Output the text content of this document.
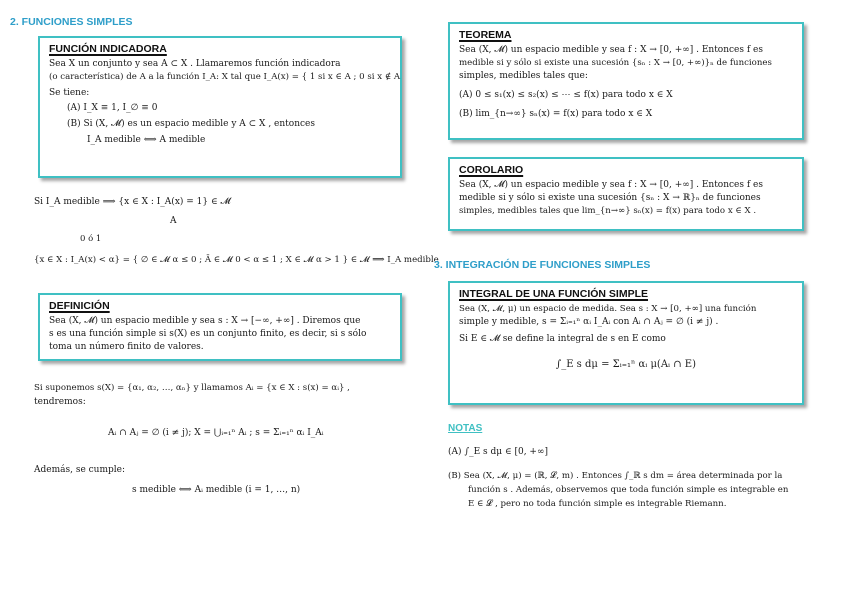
2. FUNCIONES SIMPLES
FUNCIÓN INDICADORA
Sea X un conjunto y sea A ⊂ X . Llamaremos función indicadora
(o característica) de A a la función I_A: X tal que I_A(x) = { 1 si x ∈ A ; 0 si x ∉ A
Se tiene:
(A) I_X ≡ 1, I_∅ ≡ 0
(B) Si (X, 𝓜) es un espacio medible y A ⊂ X , entonces
I_A medible ⟺ A medible
Si I_A medible ⟹ {x ∈ X : I_A(x) = 1} ∈ 𝓜
A
0 ó 1
{x ∈ X : I_A(x) < α} = { ∅ ∈ 𝓜 α ≤ 0 ; Ā ∈ 𝓜 0 < α ≤ 1 ; X ∈ 𝓜 α > 1 } ∈ 𝓜 ⟹ I_A medible
DEFINICIÓN
Sea (X, 𝓜) un espacio medible y sea s : X → [−∞, +∞] . Diremos que
s es una función simple si s(X) es un conjunto finito, es decir, si s sólo
toma un número finito de valores.
Si suponemos s(X) = {α₁, α₂, …, αₙ} y llamamos Aᵢ = {x ∈ X : s(x) = αᵢ} ,
tendremos:
Aᵢ ∩ Aⱼ = ∅ (i ≠ j); X = ⋃ᵢ₌₁ⁿ Aᵢ ; s = Σᵢ₌₁ⁿ αᵢ I_Aᵢ
Además, se cumple:
s medible ⟺ Aᵢ medible (i = 1, …, n)
TEOREMA
Sea (X, 𝓜) un espacio medible y sea f : X → [0, +∞] . Entonces f es
medible si y sólo si existe una sucesión {sₙ : X → [0, +∞)}ₙ de funciones
simples, medibles tales que:
(A) 0 ≤ s₁(x) ≤ s₂(x) ≤ ⋯ ≤ f(x) para todo x ∈ X
(B) lim_{n→∞} sₙ(x) = f(x) para todo x ∈ X
COROLARIO
Sea (X, 𝓜) un espacio medible y sea f : X → [0, +∞] . Entonces f es
medible si y sólo si existe una sucesión {sₙ : X → ℝ}ₙ de funciones
simples, medibles tales que lim_{n→∞} sₙ(x) = f(x) para todo x ∈ X .
3. INTEGRACIÓN DE FUNCIONES SIMPLES
INTEGRAL DE UNA FUNCIÓN SIMPLE
Sea (X, 𝓜, μ) un espacio de medida. Sea s : X → [0, +∞] una función
simple y medible, s = Σᵢ₌₁ⁿ αᵢ I_Aᵢ con Aᵢ ∩ Aⱼ = ∅ (i ≠ j) .
Si E ∈ 𝓜 se define la integral de s en E como
∫_E s dμ = Σᵢ₌₁ⁿ αᵢ μ(Aᵢ ∩ E)
NOTAS
(A) ∫_E s dμ ∈ [0, +∞]
(B) Sea (X, 𝓜, μ) = (ℝ, 𝓛, m) . Entonces ∫_ℝ s dm = área determinada por la
función s . Además, observemos que toda función simple es integrable en
E ∈ 𝓛 , pero no toda función simple es integrable Riemann.
